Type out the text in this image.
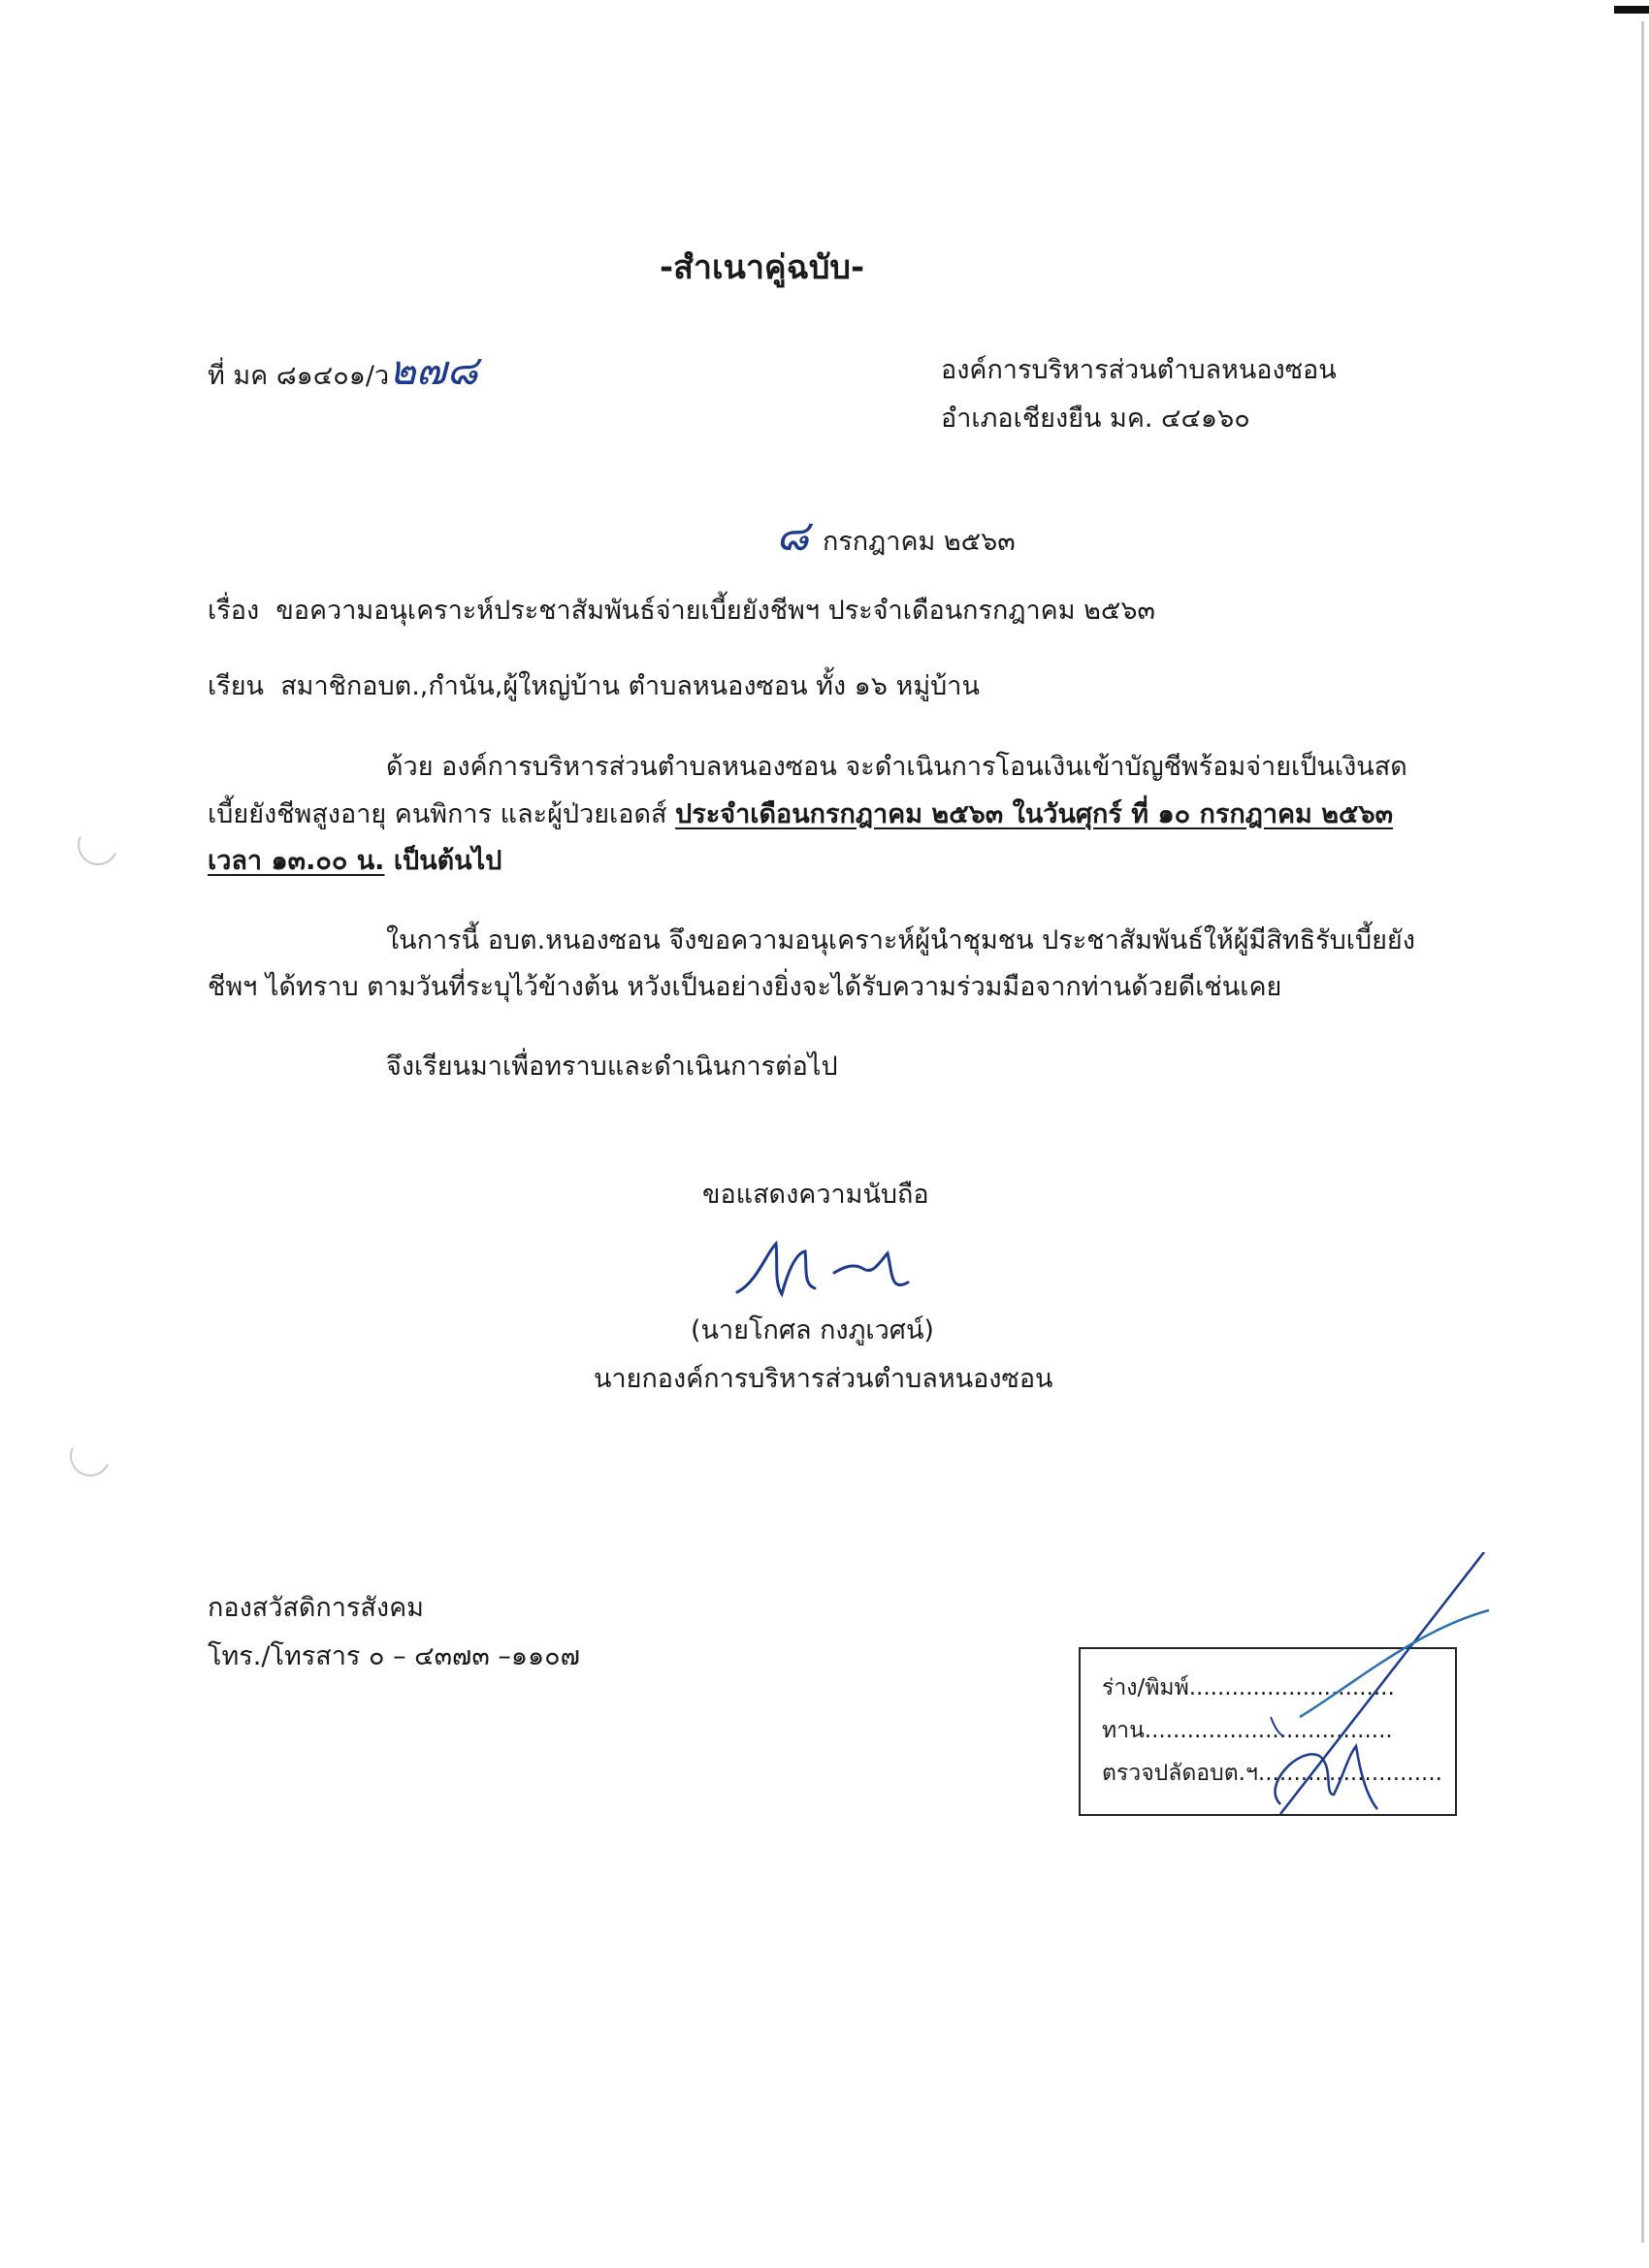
-สำเนาคู่ฉบับ-
ที่ มค ๘๑๔๐๑/ว๒๗๘	องค์การบริหารส่วนตำบลหนองซอน
อำเภอเชียงยืน มค. ๔๔๑๖๐
๘ กรกฎาคม ๒๕๖๓
เรื่อง ขอความอนุเคราะห์ประชาสัมพันธ์จ่ายเบี้ยยังชีพฯ ประจำเดือนกรกฎาคม ๒๕๖๓
เรียน สมาชิกอบต.,กำนัน,ผู้ใหญ่บ้าน ตำบลหนองซอน ทั้ง ๑๖ หมู่บ้าน
ด้วย องค์การบริหารส่วนตำบลหนองซอน จะดำเนินการโอนเงินเข้าบัญชีพร้อมจ่ายเป็นเงินสด
เบี้ยยังชีพสูงอายุ คนพิการ และผู้ป่วยเอดส์ ประจำเดือนกรกฎาคม ๒๕๖๓ ในวันศุกร์ ที่ ๑๐ กรกฎาคม ๒๕๖๓
เวลา ๑๓.๐๐ น. เป็นต้นไป
ในการนี้ อบต.หนองซอน จึงขอความอนุเคราะห์ผู้นำชุมชน ประชาสัมพันธ์ให้ผู้มีสิทธิรับเบี้ยยัง
ชีพฯ ได้ทราบ ตามวันที่ระบุไว้ข้างต้น หวังเป็นอย่างยิ่งจะได้รับความร่วมมือจากท่านด้วยดีเช่นเคย
จึงเรียนมาเพื่อทราบและดำเนินการต่อไป
ขอแสดงความนับถือ
(นายโกศล กงภูเวศน์)
นายกองค์การบริหารส่วนตำบลหนองซอน
กองสวัสดิการสังคม
โทร./โทรสาร ๐ – ๔๓๗๓ –๑๑๐๗
ร่าง/พิมพ์.............................
ทาน...................................
ตรวจปลัดอบต.ฯ..........................
